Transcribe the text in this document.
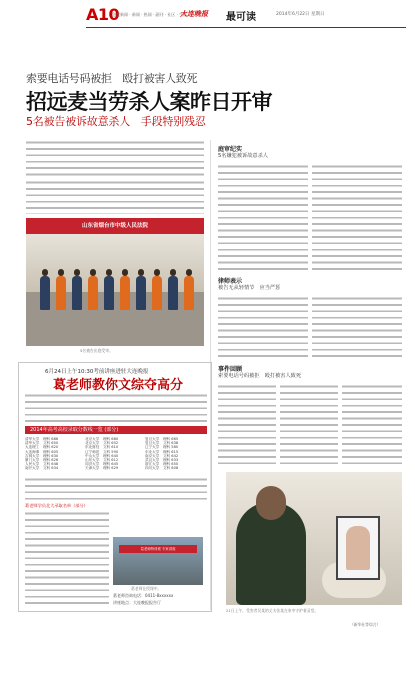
A10
急速新闻 · 新闻 · 热闻 · 副刊 · 社区 · 生活
大连晚报 最可读	2014年6月22日 星期日
索要电话号码被拒　殴打被害人致死
招远麦当劳杀人案昨日开审
5名被告被诉故意杀人　手段特别残忍
山东省烟台市中级人民法院
5名被告出庭受审。
庭审纪实
5名嫌犯被诉故意杀人
律师表示
被告无从轻情节　应当严惩
事件回顾
索要电话号码被拒　殴打被害人致死
21日上午，受害者吴某的丈夫张某在家中守护着灵堂。
6月24日上午10:30考前讲座进驻大连晚报
葛老师教你文综夺高分
2014年高考高校录取分数线一览 (部分)
清华大学　理科 686	北京大学　理科 680	复旦大学　理科 665
清华大学　文科 650	北京大学　文科 652	复旦大学　文科 638
大连理工　理科 620	东北财经　文科 610	辽宁大学　理科 580
大连海事　理科 605	辽宁师范　文科 590	东北大学　理科 615
吉林大学　理科 630	中山大学　理科 640	南京大学　文科 642
厦门大学　理科 626	山东大学　文科 612	武汉大学　理科 633
人民大学　文科 648	同济大学　理科 645	浙江大学　理科 650
南开大学　文科 634	天津大学　理科 629	四川大学　文科 608
葛老师学员北大录取名单（部分）
葛老师特训班 专家讲座
葛老师在授课中。
葛老师咨询电话：0411-8xxxxxx
讲座地点：大连晚报报告厅
（新华社等综合）
